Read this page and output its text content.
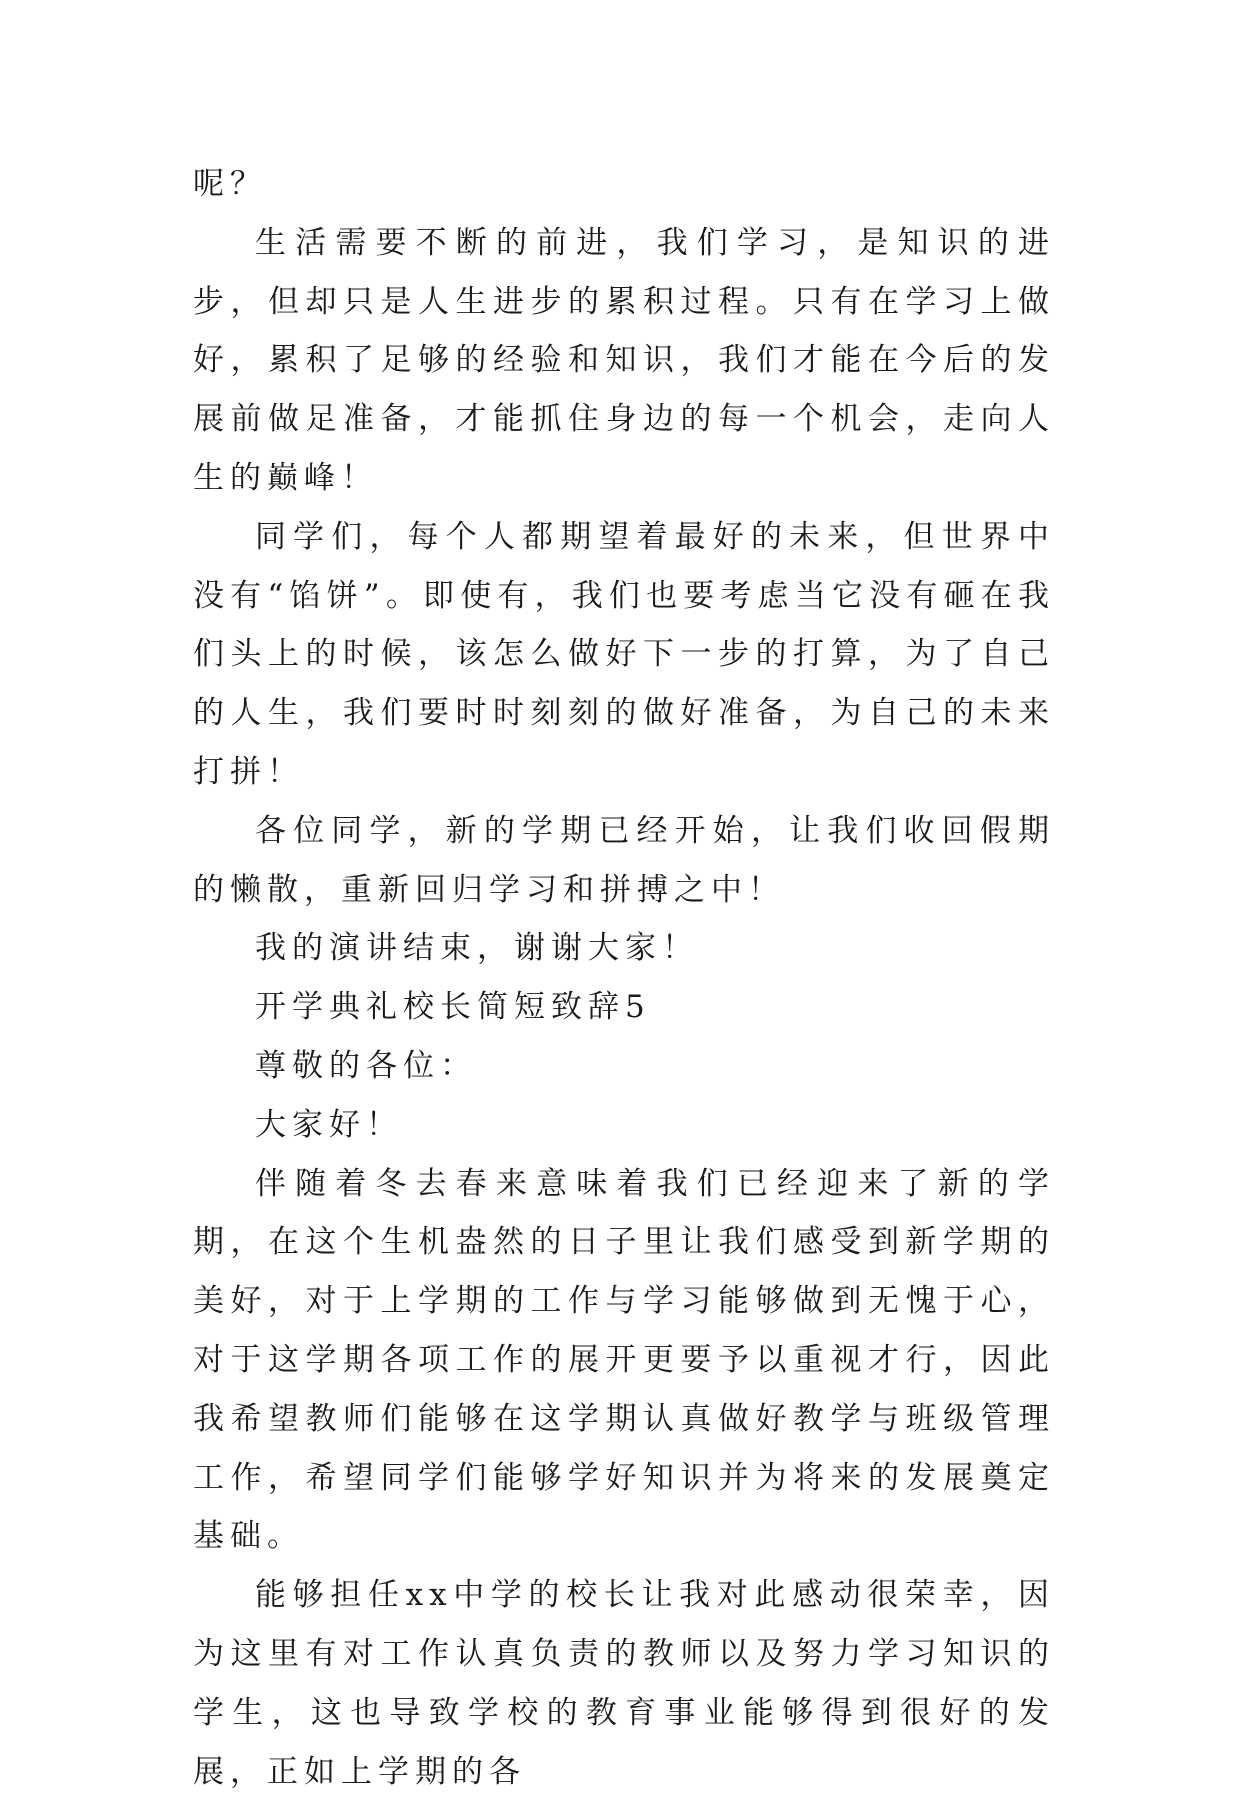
呢？

生活需要不断的前进，我们学习，是知识的进步，但却只是人生进步的累积过程。只有在学习上做好，累积了足够的经验和知识，我们才能在今后的发展前做足准备，才能抓住身边的每一个机会，走向人生的巅峰！

同学们，每个人都期望着最好的未来，但世界中没有“馅饼”。即使有，我们也要考虑当它没有砸在我们头上的时候，该怎么做好下一步的打算，为了自己的人生，我们要时时刻刻的做好准备，为自己的未来打拼！

各位同学，新的学期已经开始，让我们收回假期的懒散，重新回归学习和拼搏之中！

我的演讲结束，谢谢大家！

开学典礼校长简短致辞5

尊敬的各位：

大家好！

伴随着冬去春来意味着我们已经迎来了新的学期，在这个生机盎然的日子里让我们感受到新学期的美好，对于上学期的工作与学习能够做到无愧于心，对于这学期各项工作的展开更要予以重视才行，因此我希望教师们能够在这学期认真做好教学与班级管理工作，希望同学们能够学好知识并为将来的发展奠定基础。

能够担任xx中学的校长让我对此感动很荣幸，因为这里有对工作认真负责的教师以及努力学习知识的学生，这也导致学校的教育事业能够得到很好的发展，正如上学期的各
